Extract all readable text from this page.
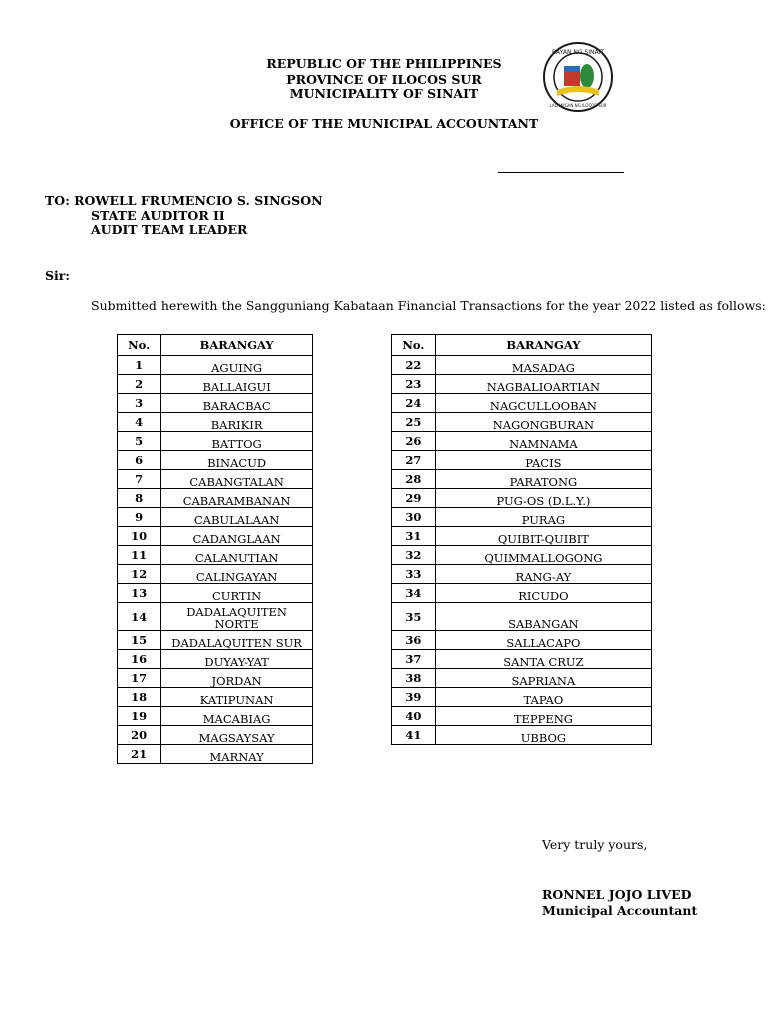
REPUBLIC OF THE PHILIPPINES
PROVINCE OF ILOCOS SUR
MUNICIPALITY OF SINAIT
OFFICE OF THE MUNICIPAL ACCOUNTANT
BAYAN NG SINAIT
LALAWIGAN NG ILOCOS SUR
TO: ROWELL FRUMENCIO S. SINGSON
STATE AUDITOR II
AUDIT TEAM LEADER
Sir:
Submitted herewith the Sangguniang Kabataan Financial Transactions for the year 2022 listed as follows:
No.	BARANGAY
1	AGUING
2	BALLAIGUI
3	BARACBAC
4	BARIKIR
5	BATTOG
6	BINACUD
7	CABANGTALAN
8	CABARAMBANAN
9	CABULALAAN
10	CADANGLAAN
11	CALANUTIAN
12	CALINGAYAN
13	CURTIN
14	DADALAQUITEN NORTE
15	DADALAQUITEN SUR
16	DUYAY-YAT
17	JORDAN
18	KATIPUNAN
19	MACABIAG
20	MAGSAYSAY
21	MARNAY
No.	BARANGAY
22	MASADAG
23	NAGBALIOARTIAN
24	NAGCULLOOBAN
25	NAGONGBURAN
26	NAMNAMA
27	PACIS
28	PARATONG
29	PUG-OS (D.L.Y.)
30	PURAG
31	QUIBIT-QUIBIT
32	QUIMMALLOGONG
33	RANG-AY
34	RICUDO
35	SABANGAN
36	SALLACAPO
37	SANTA CRUZ
38	SAPRIANA
39	TAPAO
40	TEPPENG
41	UBBOG
Very truly yours,
RONNEL JOJO LIVED
Municipal Accountant
